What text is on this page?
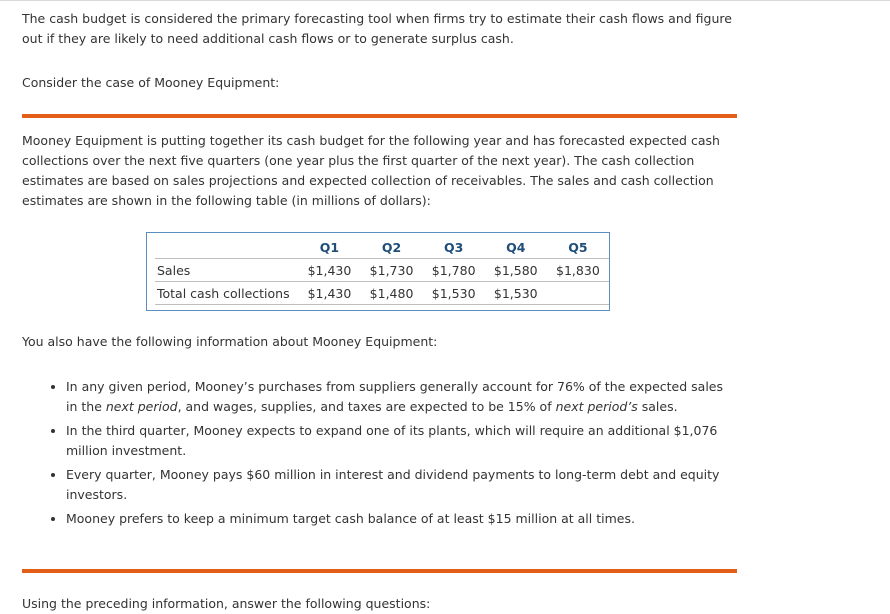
The cash budget is considered the primary forecasting tool when firms try to estimate their cash flows and figure out if they are likely to need additional cash flows or to generate surplus cash.

Consider the case of Mooney Equipment:

Mooney Equipment is putting together its cash budget for the following year and has forecasted expected cash collections over the next five quarters (one year plus the first quarter of the next year). The cash collection estimates are based on sales projections and expected collection of receivables. The sales and cash collection estimates are shown in the following table (in millions of dollars):

	Q1	Q2	Q3	Q4	Q5
Sales	$1,430	$1,730	$1,780	$1,580	$1,830
Total cash collections	$1,430	$1,480	$1,530	$1,530	

You also have the following information about Mooney Equipment:

• In any given period, Mooney’s purchases from suppliers generally account for 76% of the expected sales in the next period, and wages, supplies, and taxes are expected to be 15% of next period’s sales.
• In the third quarter, Mooney expects to expand one of its plants, which will require an additional $1,076 million investment.
• Every quarter, Mooney pays $60 million in interest and dividend payments to long-term debt and equity investors.
• Mooney prefers to keep a minimum target cash balance of at least $15 million at all times.

Using the preceding information, answer the following questions:
